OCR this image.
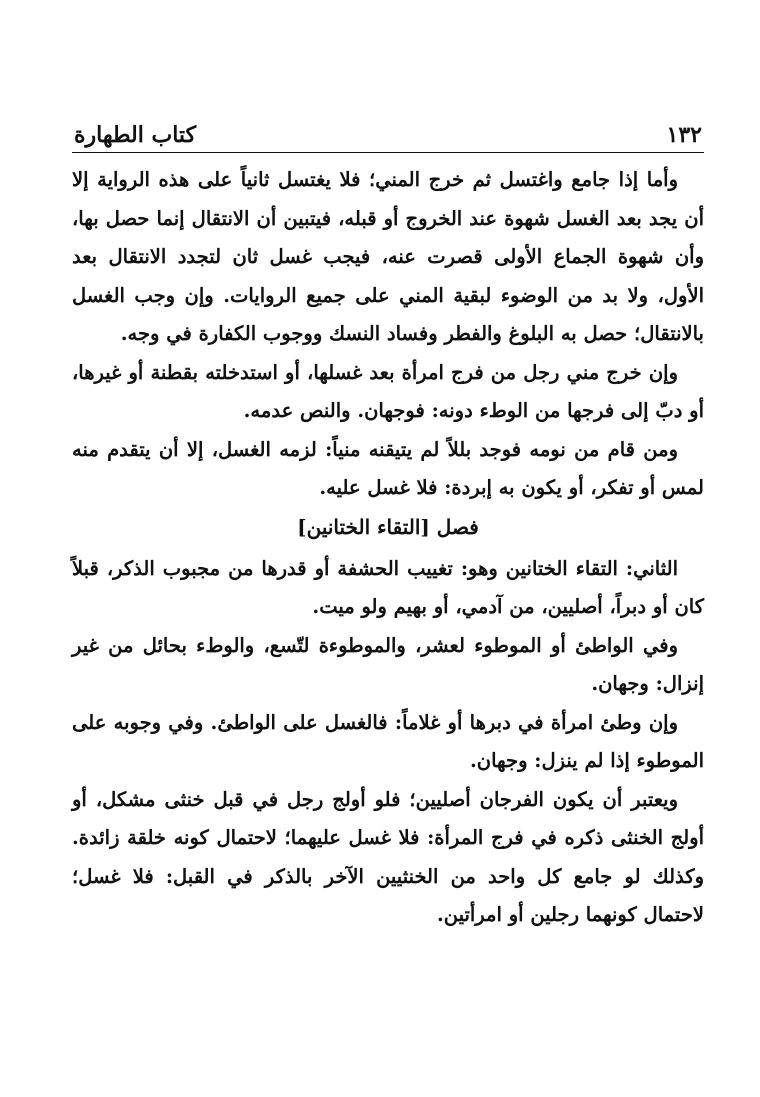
١٣٢
كتاب الطهارة

وأما إذا جامع واغتسل ثم خرج المني؛ فلا يغتسل ثانياً على هذه الرواية إلا أن يجد بعد الغسل شهوة عند الخروج أو قبله، فيتبين أن الانتقال إنما حصل بها، وأن شهوة الجماع الأولى قصرت عنه، فيجب غسل ثان لتجدد الانتقال بعد الأول، ولا بد من الوضوء لبقية المني على جميع الروايات. وإن وجب الغسل بالانتقال؛ حصل به البلوغ والفطر وفساد النسك ووجوب الكفارة في وجه.

وإن خرج مني رجل من فرج امرأة بعد غسلها، أو استدخلته بقطنة أو غيرها، أو دبّ إلى فرجها من الوطء دونه: فوجهان. والنص عدمه.

ومن قام من نومه فوجد بللاً لم يتيقنه منياً: لزمه الغسل، إلا أن يتقدم منه لمس أو تفكر، أو يكون به إبردة: فلا غسل عليه.

فصل [التقاء الختانين]

الثاني: التقاء الختانين وهو: تغييب الحشفة أو قدرها من مجبوب الذكر، قبلاً كان أو دبراً، أصليين، من آدمي، أو بهيم ولو ميت.

وفي الواطئ أو الموطوء لعشر، والموطوءة لتّسع، والوطء بحائل من غير إنزال: وجهان.

وإن وطئ امرأة في دبرها أو غلاماً: فالغسل على الواطئ. وفي وجوبه على الموطوء إذا لم ينزل: وجهان.

ويعتبر أن يكون الفرجان أصليين؛ فلو أولج رجل في قبل خنثى مشكل، أو أولج الخنثى ذكره في فرج المرأة: فلا غسل عليهما؛ لاحتمال كونه خلقة زائدة. وكذلك لو جامع كل واحد من الخنثيين الآخر بالذكر في القبل: فلا غسل؛ لاحتمال كونهما رجلين أو امرأتين.
